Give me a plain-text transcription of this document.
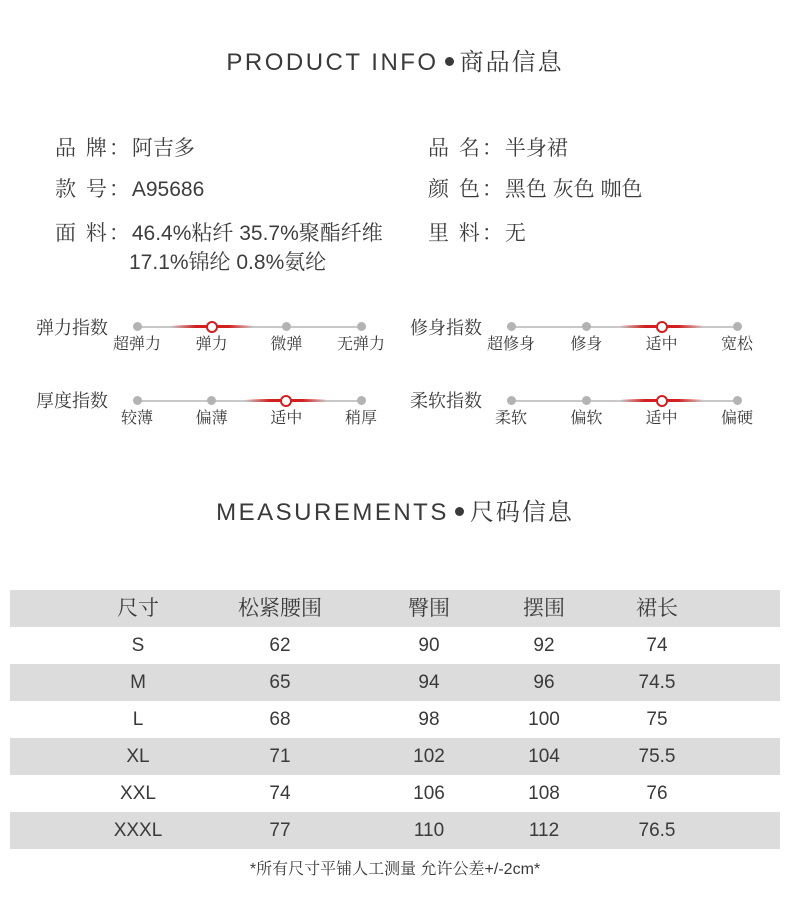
PRODUCT INFO 商品信息
品 牌：阿吉多	品 名：半身裙
款 号：A95686	颜 色：黑色 灰色 咖色
面 料：46.4%粘纤 35.7%聚酯纤维
17.1%锦纶 0.8%氨纶
里 料：无
弹力指数
超弹力 弹力	微弹 无弹力
修身指数
超修身 修身	适中	宽松
厚度指数
较薄	偏薄	适中	稍厚
柔软指数
柔软	偏软	适中	偏硬
MEASUREMENTS 尺码信息
尺寸	松紧腰围	臀围	摆围	裙长
S	62	90	92	74
M	65	94	96	74.5
L	68	98	100	75
XL	71	102	104	75.5
XXL	74	106	108	76
XXXL	77	110	112	76.5
*所有尺寸平铺人工测量 允许公差+/-2cm*
